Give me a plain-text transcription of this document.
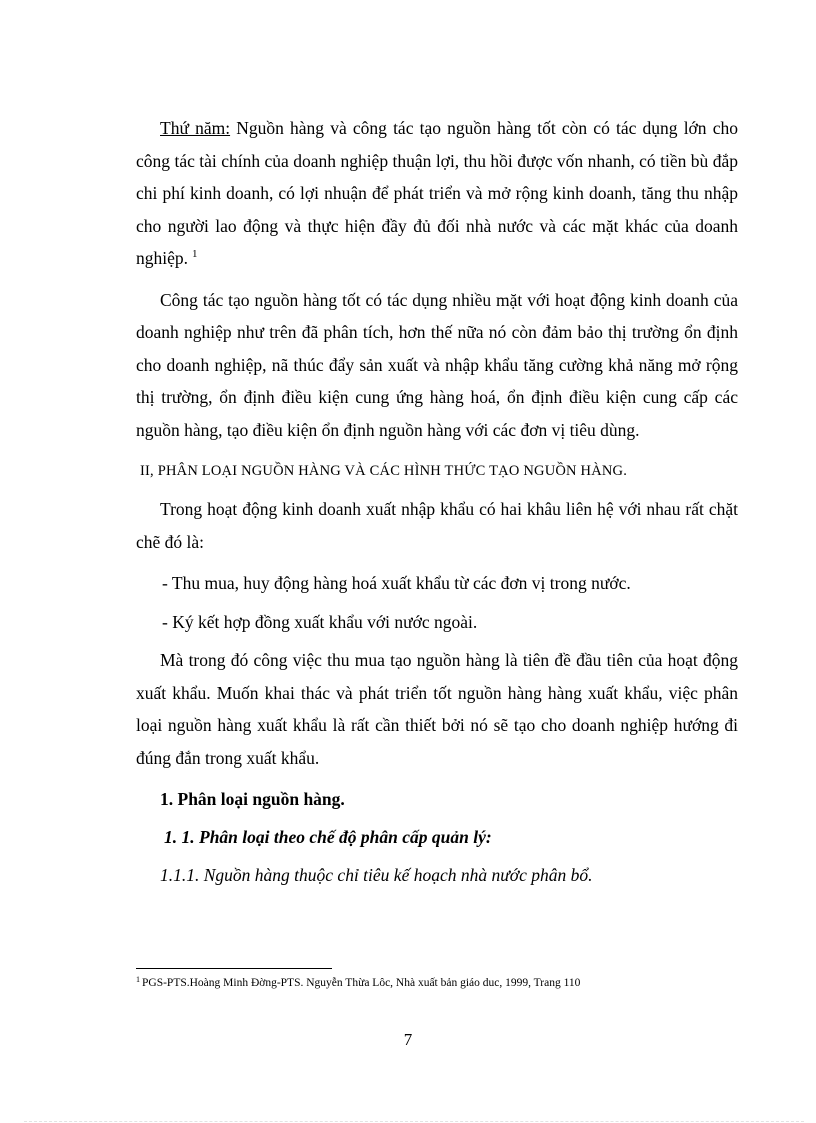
Thứ năm: Nguồn hàng và công tác tạo nguồn hàng tốt còn có tác dụng lớn cho công tác tài chính của doanh nghiệp thuận lợi, thu hồi được vốn nhanh, có tiền bù đắp chi phí kinh doanh, có lợi nhuận để phát triển và mở rộng kinh doanh, tăng thu nhập cho người lao động và thực hiện đầy đủ đối nhà nước và các mặt khác của doanh nghiệp. $^1$

Công tác tạo nguồn hàng tốt có tác dụng nhiều mặt với hoạt động kinh doanh của doanh nghiệp như trên đã phân tích, hơn thế nữa nó còn đảm bảo thị trường ổn định cho doanh nghiệp, nã thúc đẩy sản xuất và nhập khẩu tăng cường khả năng mở rộng thị trường, ổn định điều kiện cung ứng hàng hoá, ổn định điều kiện cung cấp các nguồn hàng, tạo điều kiện ổn định nguồn hàng với các đơn vị tiêu dùng.

II, PHÂN LOẠI NGUỒN HÀNG VÀ CÁC HÌNH THỨC TẠO NGUỒN HÀNG.

Trong hoạt động kinh doanh xuất nhập khẩu có hai khâu liên hệ với nhau rất chặt chẽ đó là:

- Thu mua, huy động hàng hoá xuất khẩu từ các đơn vị trong nước.
- Ký kết hợp đồng xuất khẩu với nước ngoài.

Mà trong đó công việc thu mua tạo nguồn hàng là tiên đề đầu tiên của hoạt động xuất khẩu. Muốn khai thác và phát triển tốt nguồn hàng hàng xuất khẩu, việc phân loại nguồn hàng xuất khẩu là rất cần thiết bởi nó sẽ tạo cho doanh nghiệp hướng đi đúng đắn trong xuất khẩu.

1. Phân loại nguồn hàng.
1. 1. Phân loại theo chế độ phân cấp quản lý:
1.1.1. Nguồn hàng thuộc chỉ tiêu kế hoạch nhà nước phân bổ.
$^1$ PGS-PTS.Hoàng Minh Đờng-PTS. Nguyễn Thừa Lôc, Nhà xuất bản giáo duc, 1999, Trang 110
7
